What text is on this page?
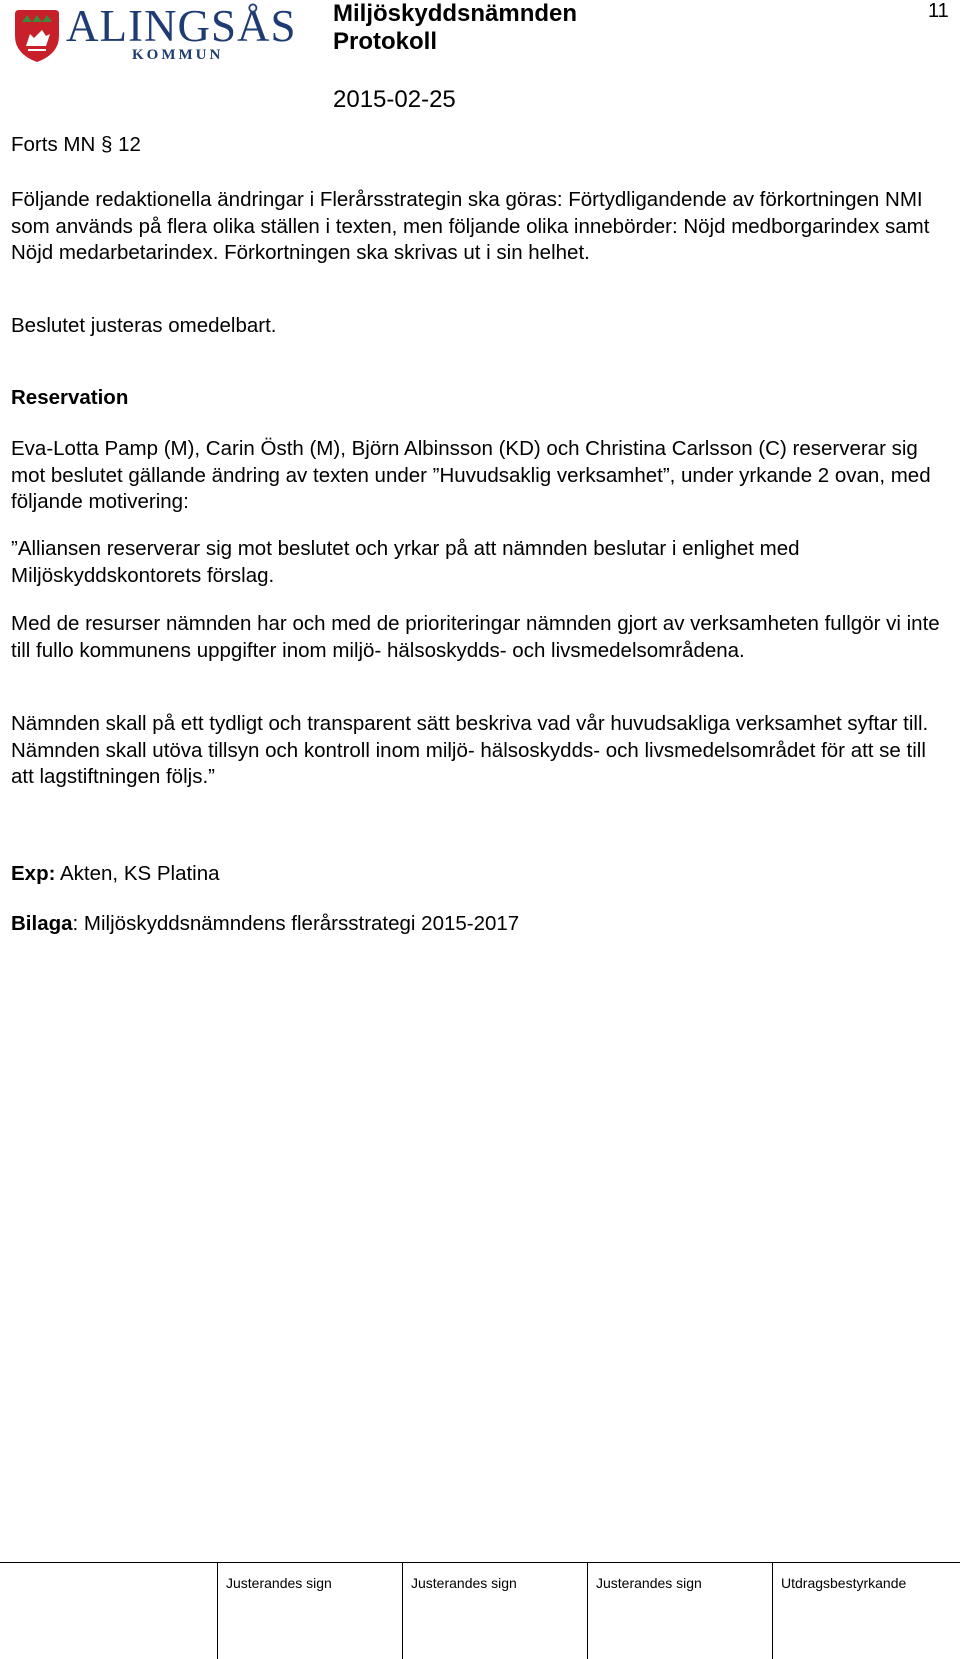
ALINGSÅS
KOMMUN
Miljöskyddsnämnden
Protokoll
2015-02-25
11
Forts MN § 12
Följande redaktionella ändringar i Flerårsstrategin ska göras: Förtydligandende av förkortningen NMI som används på flera olika ställen i texten, men följande olika innebörder: Nöjd medborgarindex samt Nöjd medarbetarindex. Förkortningen ska skrivas ut i sin helhet.
Beslutet justeras omedelbart.
Reservation
Eva-Lotta Pamp (M), Carin Östh (M), Björn Albinsson (KD) och Christina Carlsson (C) reserverar sig mot beslutet gällande ändring av texten under ”Huvudsaklig verksamhet”, under yrkande 2 ovan, med följande motivering:
”Alliansen reserverar sig mot beslutet och yrkar på att nämnden beslutar i enlighet med Miljöskyddskontorets förslag.
Med de resurser nämnden har och med de prioriteringar nämnden gjort av verksamheten fullgör vi inte till fullo kommunens uppgifter inom miljö- hälsoskydds- och livsmedelsområdena.
Nämnden skall på ett tydligt och transparent sätt beskriva vad vår huvudsakliga verksamhet syftar till. Nämnden skall utöva tillsyn och kontroll inom miljö- hälsoskydds- och livsmedelsområdet för att se till att lagstiftningen följs.”
Exp: Akten, KS Platina
Bilaga: Miljöskyddsnämndens flerårsstrategi 2015-2017
Justerandes sign	Justerandes sign	Justerandes sign	Utdragsbestyrkande
